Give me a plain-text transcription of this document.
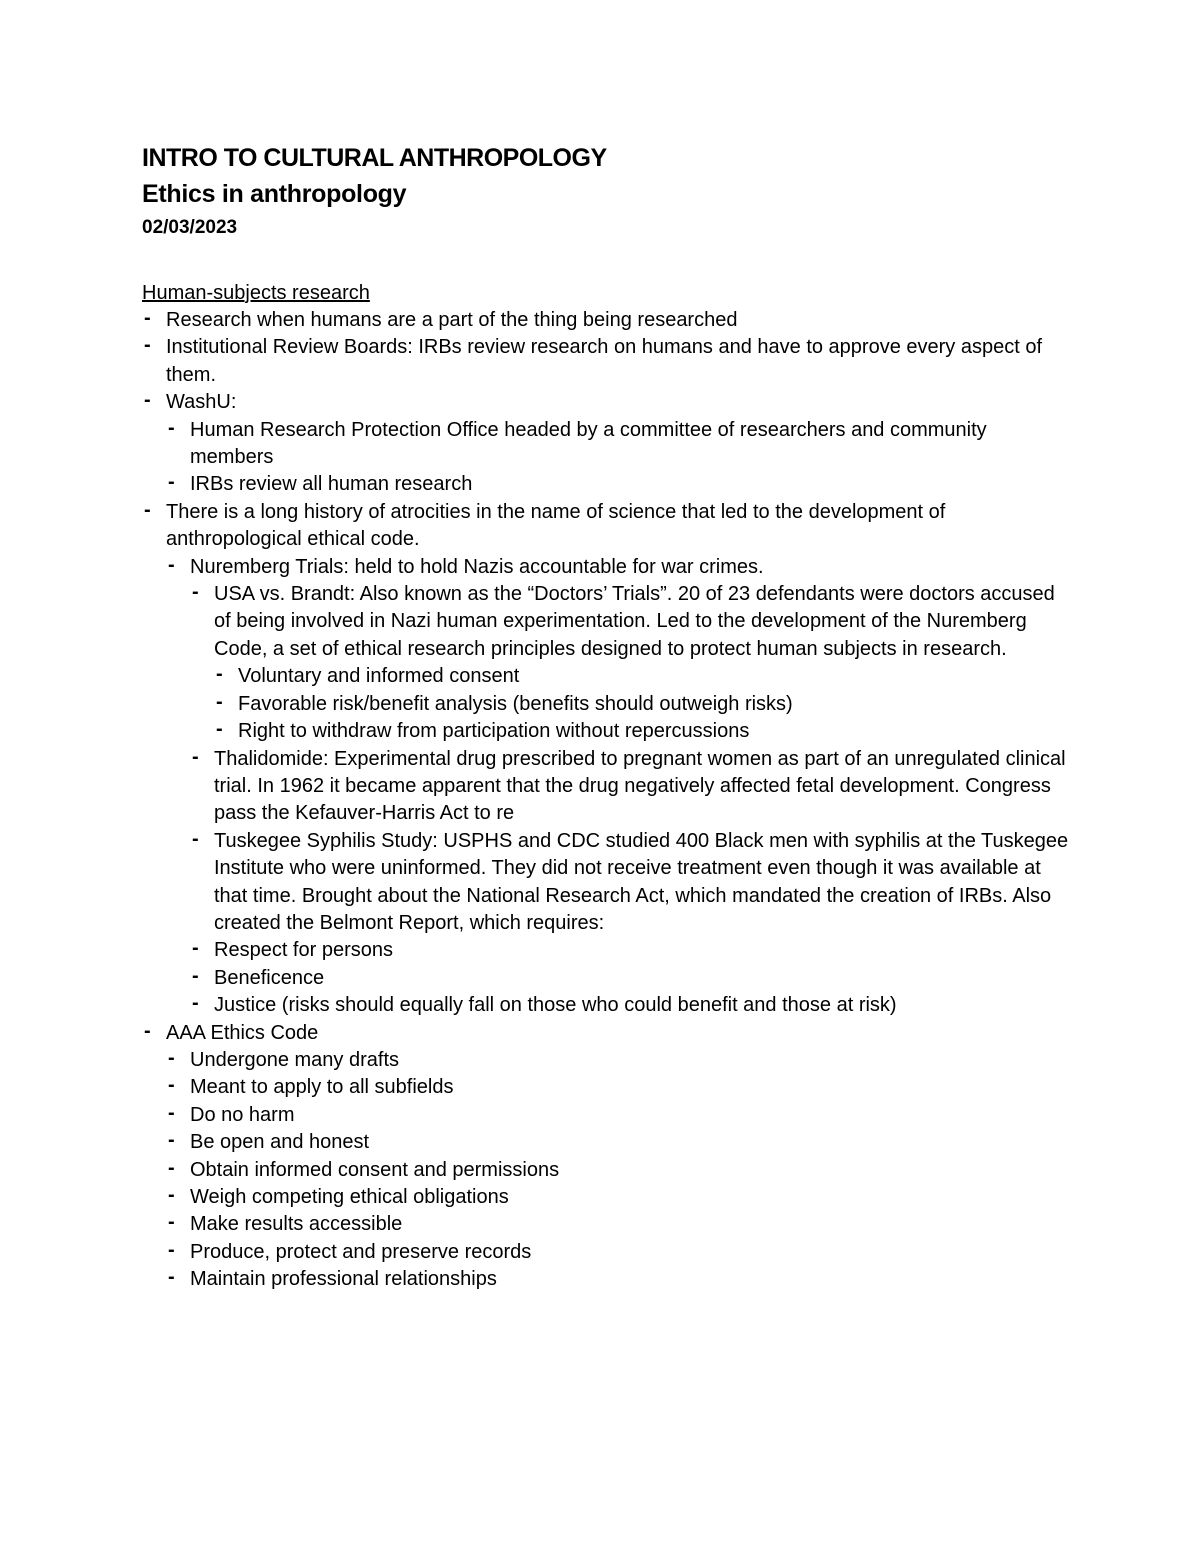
INTRO TO CULTURAL ANTHROPOLOGY
Ethics in anthropology
02/03/2023
Human-subjects research
- Research when humans are a part of the thing being researched
- Institutional Review Boards: IRBs review research on humans and have to approve every aspect of them.
- WashU:
- Human Research Protection Office headed by a committee of researchers and community members
- IRBs review all human research
- There is a long history of atrocities in the name of science that led to the development of anthropological ethical code.
- Nuremberg Trials: held to hold Nazis accountable for war crimes.
- USA vs. Brandt: Also known as the “Doctors’ Trials”. 20 of 23 defendants were doctors accused of being involved in Nazi human experimentation. Led to the development of the Nuremberg Code, a set of ethical research principles designed to protect human subjects in research.
- Voluntary and informed consent
- Favorable risk/benefit analysis (benefits should outweigh risks)
- Right to withdraw from participation without repercussions
- Thalidomide: Experimental drug prescribed to pregnant women as part of an unregulated clinical trial. In 1962 it became apparent that the drug negatively affected fetal development. Congress pass the Kefauver-Harris Act to re
- Tuskegee Syphilis Study: USPHS and CDC studied 400 Black men with syphilis at the Tuskegee Institute who were uninformed. They did not receive treatment even though it was available at that time. Brought about the National Research Act, which mandated the creation of IRBs. Also created the Belmont Report, which requires:
- Respect for persons
- Beneficence
- Justice (risks should equally fall on those who could benefit and those at risk)
- AAA Ethics Code
- Undergone many drafts
- Meant to apply to all subfields
- Do no harm
- Be open and honest
- Obtain informed consent and permissions
- Weigh competing ethical obligations
- Make results accessible
- Produce, protect and preserve records
- Maintain professional relationships
